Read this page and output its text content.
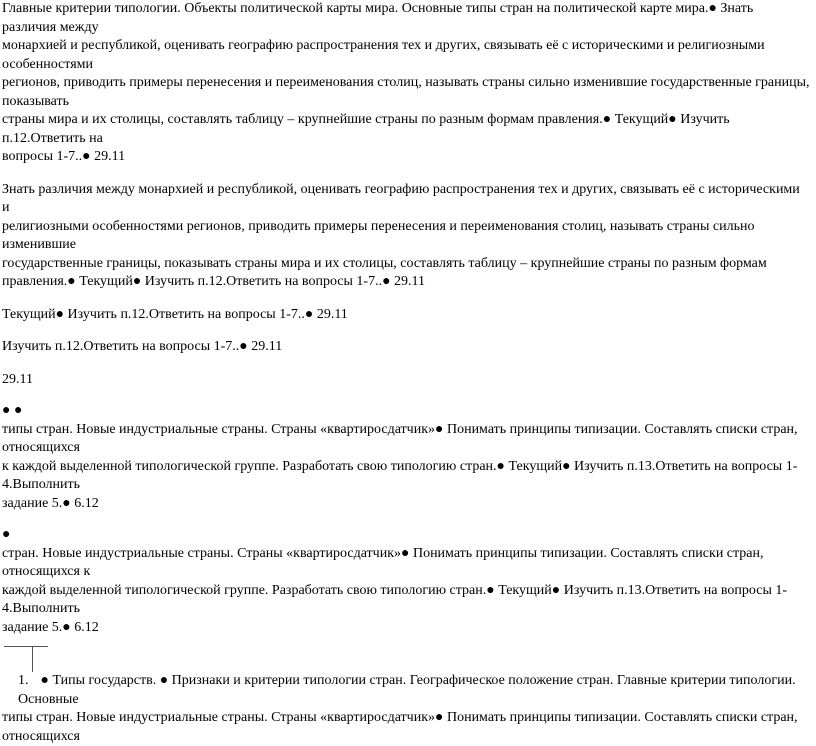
Главные критерии типологии. Объекты политической карты мира. Основные типы стран на политической карте мира.● Знать различия между
монархией и республикой, оценивать географию распространения тех и других, связывать её с историческими и религиозными особенностями
регионов, приводить примеры перенесения и переименования столиц, называть страны сильно изменившие государственные границы, показывать
страны мира и их столицы, составлять таблицу – крупнейшие страны по разным формам правления.● Текущий● Изучить п.12.Ответить на
вопросы 1-7..● 29.11
Знать различия между монархией и республикой, оценивать географию распространения тех и других, связывать её с историческими и
религиозными особенностями регионов, приводить примеры перенесения и переименования столиц, называть страны сильно изменившие
государственные границы, показывать страны мира и их столицы, составлять таблицу – крупнейшие страны по разным формам
правления.● Текущий● Изучить п.12.Ответить на вопросы 1-7..● 29.11
Текущий● Изучить п.12.Ответить на вопросы 1-7..● 29.11
Изучить п.12.Ответить на вопросы 1-7..● 29.11
29.11
● ●
типы стран. Новые индустриальные страны. Страны «квартиросдатчик»● Понимать принципы типизации. Составлять списки стран, относящихся
к каждой выделенной типологической группе. Разработать свою типологию стран.● Текущий● Изучить п.13.Ответить на вопросы 1-4.Выполнить
задание 5.● 6.12
●
стран. Новые индустриальные страны. Страны «квартиросдатчик»● Понимать принципы типизации. Составлять списки стран, относящихся к
каждой выделенной типологической группе. Разработать свою типологию стран.● Текущий● Изучить п.13.Ответить на вопросы 1-4.Выполнить
задание 5.● 6.12
1. ● Типы государств. ● Признаки и критерии типологии стран. Географическое положение стран. Главные критерии типологии. Основные
типы стран. Новые индустриальные страны. Страны «квартиросдатчик»● Понимать принципы типизации. Составлять списки стран, относящихся
